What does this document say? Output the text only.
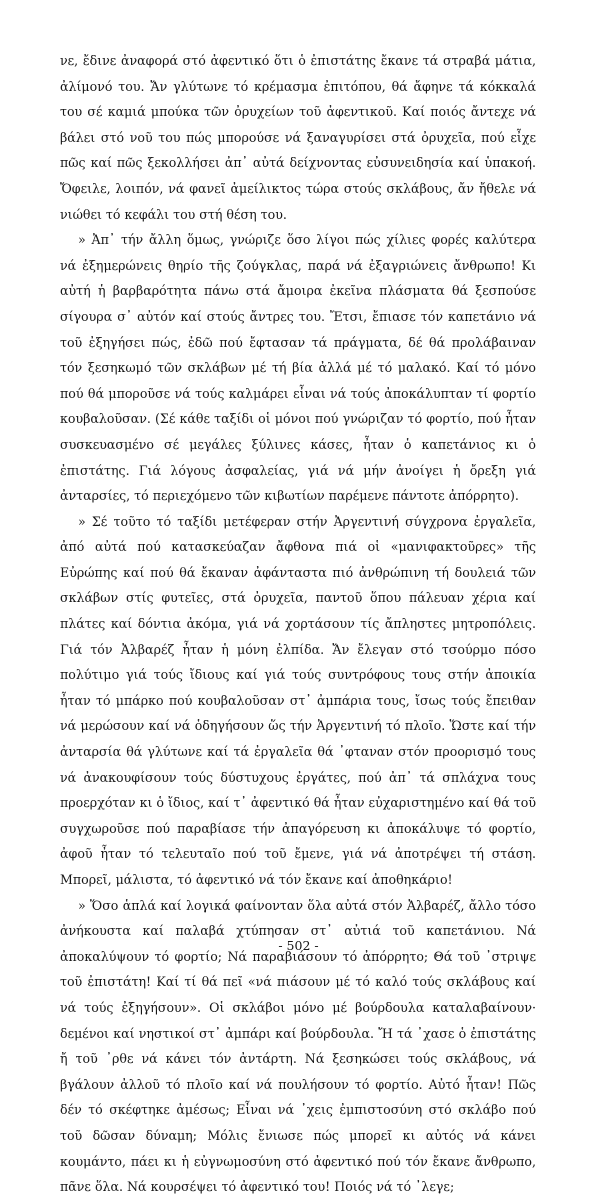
νε, ἔδινε ἀναφορά στό ἀφεντικό ὅτι ὁ ἐπιστάτης ἔκανε τά στραβά μάτια, ἀλίμονό του. Ἄν γλύτωνε τό κρέμασμα ἐπιτόπου, θά ἄφηνε τά κόκκαλά του σέ καμιά μπούκα τῶν ὀρυχείων τοῦ ἀφεντικοῦ. Καί ποιός ἄντεχε νά βάλει στό νοῦ του πώς μπορούσε νά ξαναγυρίσει στά ὀρυχεῖα, πού εἶχε πῶς καί πῶς ξεκολλήσει ἀπ᾿ αὐτά δείχνοντας εὐσυνειδησία καί ὑπακοή. Ὄφειλε, λοιπόν, νά φανεῖ ἀμείλικτος τώρα στούς σκλάβους, ἄν ἤθελε νά νιώθει τό κεφάλι του στή θέση του.

» Ἀπ᾿ τήν ἄλλη ὅμως, γνώριζε ὅσο λίγοι πώς χίλιες φορές καλύτερα νά ἐξημερώνεις θηρίο τῆς ζούγκλας, παρά νά ἐξαγριώνεις ἄνθρωπο! Κι αὐτή ἡ βαρβαρότητα πάνω στά ἄμοιρα ἐκεῖνα πλάσματα θά ξεσπούσε σίγουρα σ᾿ αὐτόν καί στούς ἄντρες του. Ἔτσι, ἔπιασε τόν καπετάνιο νά τοῦ ἐξηγήσει πώς, ἐδῶ πού ἔφτασαν τά πράγματα, δέ θά προλάβαιναν τόν ξεσηκωμό τῶν σκλάβων μέ τή βία ἀλλά μέ τό μαλακό. Καί τό μόνο πού θά μποροῦσε νά τούς καλμάρει εἶναι νά τούς ἀποκάλυπταν τί φορτίο κουβαλοῦσαν. (Σέ κάθε ταξίδι οἱ μόνοι πού γνώριζαν τό φορτίο, πού ἦταν συσκευασμένο σέ μεγάλες ξύλινες κάσες, ἦταν ὁ καπετάνιος κι ὁ ἐπιστάτης. Γιά λόγους ἀσφαλείας, γιά νά μήν ἀνοίγει ἡ ὄρεξη γιά ἀνταρσίες, τό περιεχόμενο τῶν κιβωτίων παρέμενε πάντοτε ἀπόρρητο).

» Σέ τοῦτο τό ταξίδι μετέφεραν στήν Ἀργεντινή σύγχρονα ἐργαλεῖα, ἀπό αὐτά πού κατασκεύαζαν ἄφθονα πιά οἱ «μανιφακτοῦρες» τῆς Εὐρώπης καί πού θά ἔκαναν ἀφάνταστα πιό ἀνθρώπινη τή δουλειά τῶν σκλάβων στίς φυτεῖες, στά ὀρυχεῖα, παντοῦ ὅπου πάλευαν χέρια καί πλάτες καί δόντια ἀκόμα, γιά νά χορτάσουν τίς ἄπληστες μητροπόλεις. Γιά τόν Ἀλβαρέζ ἦταν ἡ μόνη ἐλπίδα. Ἄν ἔλεγαν στό τσούρμο πόσο πολύτιμο γιά τούς ἴδιους καί γιά τούς συντρόφους τους στήν ἀποικία ἦταν τό μπάρκο πού κουβαλοῦσαν στ᾿ ἀμπάρια τους, ἴσως τούς ἔπειθαν νά μερώσουν καί νά ὁδηγήσουν ὥς τήν Ἀργεντινή τό πλοῖο. Ὥστε καί τήν ἀνταρσία θά γλύτωνε καί τά ἐργαλεῖα θά ᾿φταναν στόν προορισμό τους νά ἀνακουφίσουν τούς δύστυχους ἐργάτες, πού ἀπ᾿ τά σπλάχνα τους προερχόταν κι ὁ ἴδιος, καί τ᾿ ἀφεντικό θά ἦταν εὐχαριστημένο καί θά τοῦ συγχωροῦσε πού παραβίασε τήν ἀπαγόρευση κι ἀποκάλυψε τό φορτίο, ἀφοῦ ἦταν τό τελευταῖο πού τοῦ ἔμενε, γιά νά ἀποτρέψει τή στάση. Μπορεῖ, μάλιστα, τό ἀφεντικό νά τόν ἔκανε καί ἀποθηκάριο!

» Ὅσο ἁπλά καί λογικά φαίνονταν ὅλα αὐτά στόν Ἀλβαρέζ, ἄλλο τόσο ἀνήκουστα καί παλαβά χτύπησαν στ᾿ αὐτιά τοῦ καπετάνιου. Νά ἀποκαλύψουν τό φορτίο; Νά παραβιάσουν τό ἀπόρρητο; Θά τοῦ ᾿στριψε τοῦ ἐπιστάτη! Καί τί θά πεῖ «νά πιάσουν μέ τό καλό τούς σκλάβους καί νά τούς ἐξηγήσουν». Οἱ σκλάβοι μόνο μέ βούρδουλα καταλαβαίνουν· δεμένοι καί νηστικοί στ᾿ ἀμπάρι καί βούρδουλα. Ἤ τά ᾿χασε ὁ ἐπιστάτης ἤ τοῦ ᾿ρθε νά κάνει τόν ἀντάρτη. Νά ξεσηκώσει τούς σκλάβους, νά βγάλουν ἀλλοῦ τό πλοῖο καί νά πουλήσουν τό φορτίο. Αὐτό ἦταν! Πῶς δέν τό σκέφτηκε ἀμέσως; Εἶναι νά ᾿χεις ἐμπιστοσύνη στό σκλάβο πού τοῦ δῶσαν δύναμη; Μόλις ἔνιωσε πώς μπορεῖ κι αὐτός νά κάνει κουμάντο, πάει κι ἡ εὐγνωμοσύνη στό ἀφεντικό πού τόν ἔκανε ἄνθρωπο, πᾶνε ὅλα. Νά κουρσέψει τό ἀφεντικό του! Ποιός νά τό ᾿λεγε;

- 502 -
